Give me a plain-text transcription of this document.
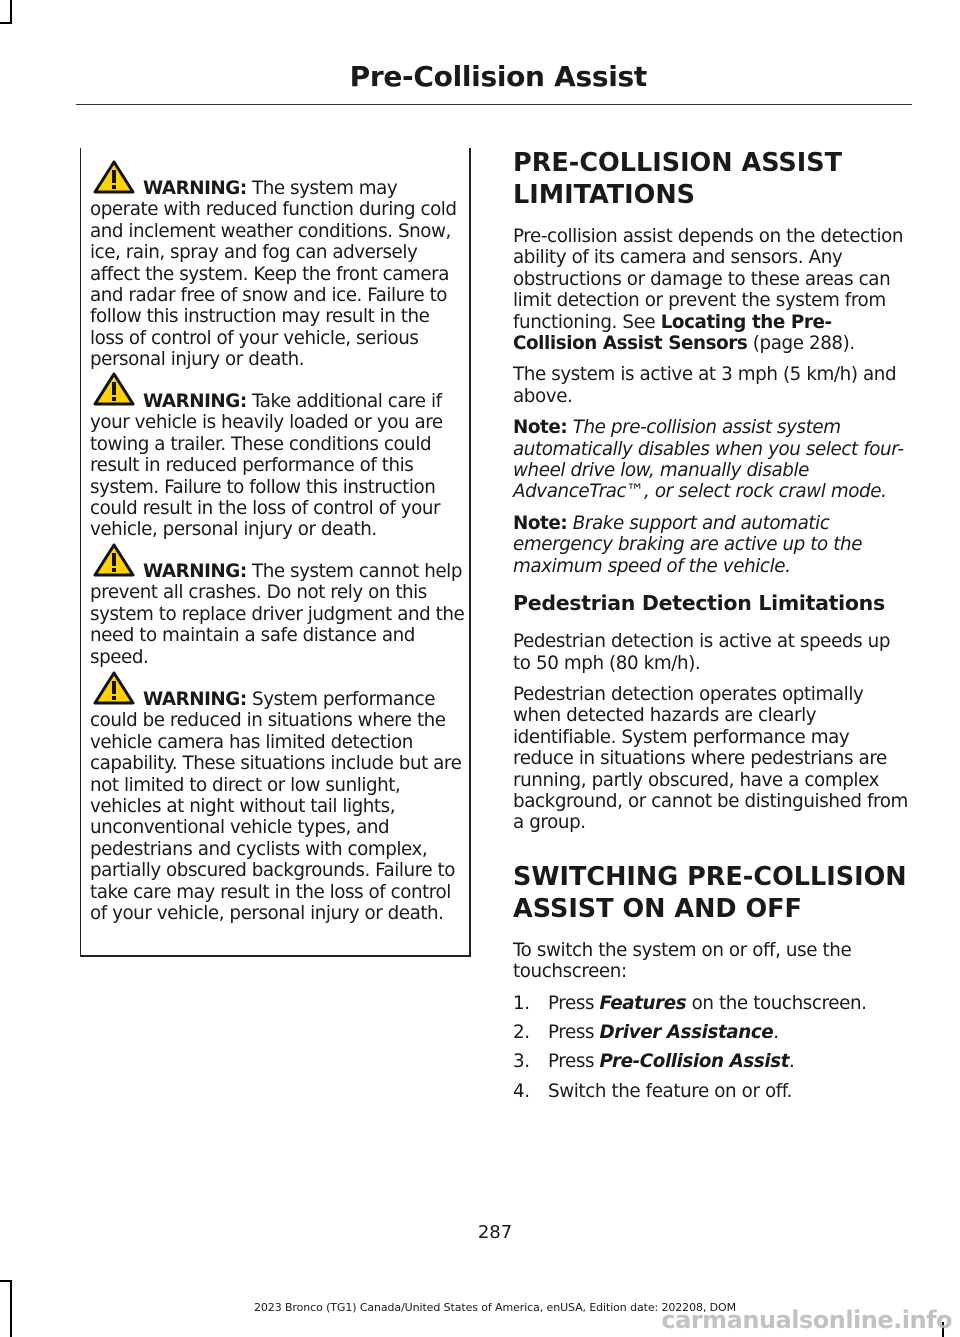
Pre-Collision Assist

WARNING: The system may operate with reduced function during cold and inclement weather conditions. Snow, ice, rain, spray and fog can adversely affect the system. Keep the front camera and radar free of snow and ice. Failure to follow this instruction may result in the loss of control of your vehicle, serious personal injury or death.

WARNING: Take additional care if your vehicle is heavily loaded or you are towing a trailer. These conditions could result in reduced performance of this system. Failure to follow this instruction could result in the loss of control of your vehicle, personal injury or death.

WARNING: The system cannot help prevent all crashes. Do not rely on this system to replace driver judgment and the need to maintain a safe distance and speed.

WARNING: System performance could be reduced in situations where the vehicle camera has limited detection capability. These situations include but are not limited to direct or low sunlight, vehicles at night without tail lights, unconventional vehicle types, and pedestrians and cyclists with complex, partially obscured backgrounds. Failure to take care may result in the loss of control of your vehicle, personal injury or death.

PRE-COLLISION ASSIST
LIMITATIONS

Pre-collision assist depends on the detection ability of its camera and sensors. Any obstructions or damage to these areas can limit detection or prevent the system from functioning. See Locating the Pre-Collision Assist Sensors (page 288).

The system is active at 3 mph (5 km/h) and above.

Note: The pre-collision assist system automatically disables when you select four-wheel drive low, manually disable AdvanceTrac™, or select rock crawl mode.

Note: Brake support and automatic emergency braking are active up to the maximum speed of the vehicle.

Pedestrian Detection Limitations

Pedestrian detection is active at speeds up to 50 mph (80 km/h).

Pedestrian detection operates optimally when detected hazards are clearly identifiable. System performance may reduce in situations where pedestrians are running, partly obscured, have a complex background, or cannot be distinguished from a group.

SWITCHING PRE-COLLISION
ASSIST ON AND OFF

To switch the system on or off, use the touchscreen:

1.	Press Features on the touchscreen.
2.	Press Driver Assistance.
3.	Press Pre-Collision Assist.
4.	Switch the feature on or off.

287

2023 Bronco (TG1) Canada/United States of America, enUSA, Edition date: 202208, DOM

carmanualsonline.info
